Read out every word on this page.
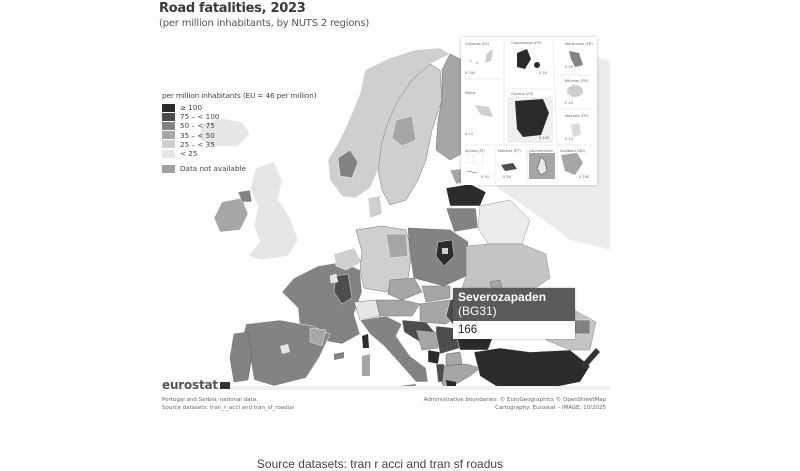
Road fatalities, 2023
(per million inhabitants, by NUTS 2 regions)
per million inhabitants (EU = 46 per million)
≥ 100
75 – < 100
50 – < 75
35 – < 50
25 – < 35
< 25
Data not available
Canarias (ES)
0 100
Guadeloupe (FR)
0 20
Martinique (FR)
0 20
Réunion (FR)
0 20
Malta
0 10
Guyane (FR)
0 100
Mayotte (FR)
0 10
Açores (PT)
0 50
Madeira (PT)
0 50
Liechtenstein Svalbard (NO)
0 200
Severozapaden (BG31)
166
eurostat
Portugal and Serbia, national data.
Source datasets: tran_r_acci and tran_sf_roadus
Administrative boundaries: © EuroGeographics © OpenStreetMap
Cartography: Eurostat – IMAGE, 10/2025
Source datasets: tran r acci and tran sf roadus
